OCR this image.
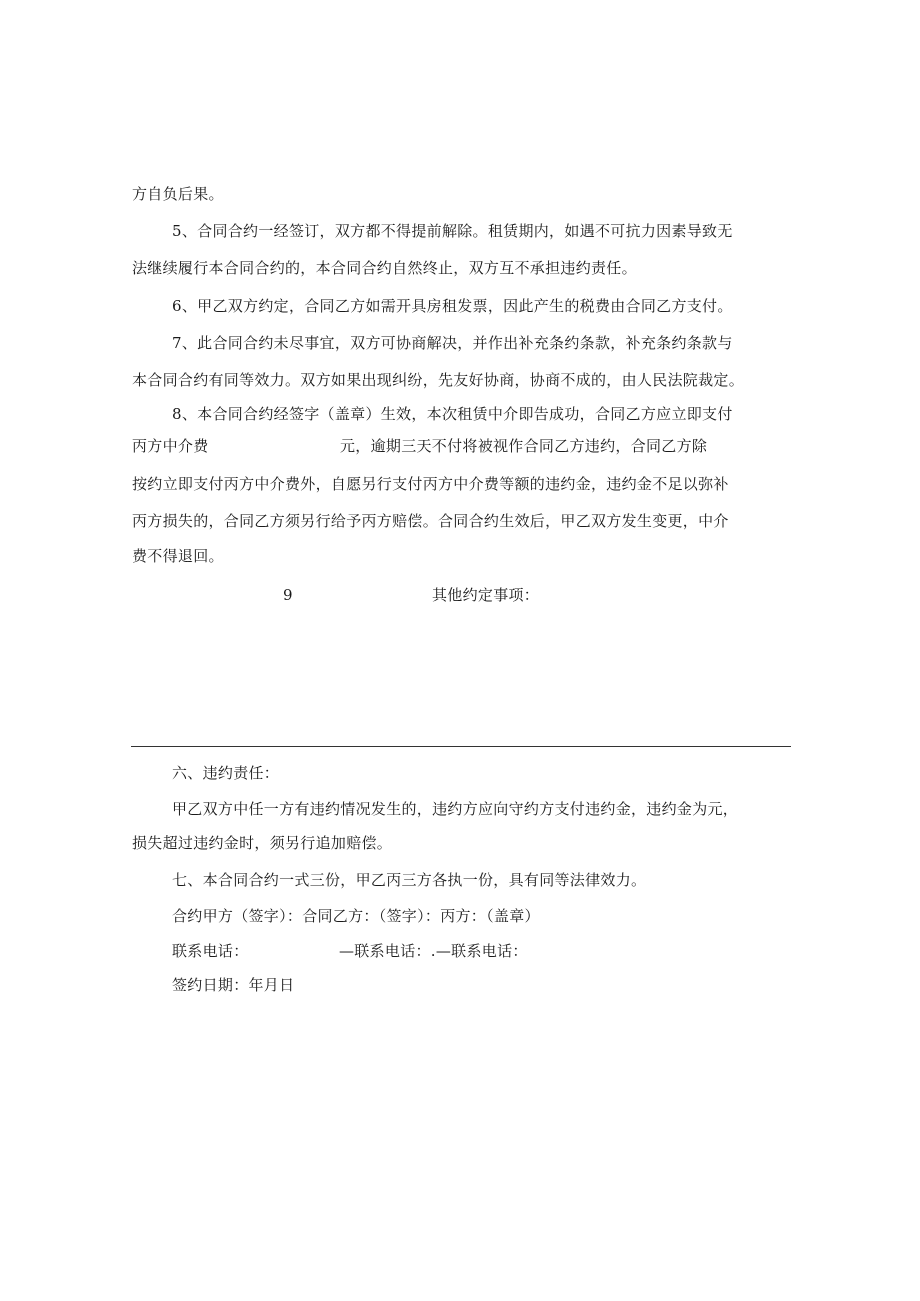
方自负后果。
5、合同合约一经签订，双方都不得提前解除。租赁期内，如遇不可抗力因素导致无
法继续履行本合同合约的，本合同合约自然终止，双方互不承担违约责任。
6、甲乙双方约定，合同乙方如需开具房租发票，因此产生的税费由合同乙方支付。
7、此合同合约未尽事宜，双方可协商解决，并作出补充条约条款，补充条约条款与
本合同合约有同等效力。双方如果出现纠纷，先友好协商，协商不成的，由人民法院裁定。
8、本合同合约经签字（盖章）生效，本次租赁中介即告成功，合同乙方应立即支付
丙方中介费	元，逾期三天不付将被视作合同乙方违约，合同乙方除
按约立即支付丙方中介费外，自愿另行支付丙方中介费等额的违约金，违约金不足以弥补
丙方损失的，合同乙方须另行给予丙方赔偿。合同合约生效后，甲乙双方发生变更，中介
费不得退回。
9	其他约定事项：
六、违约责任：
甲乙双方中任一方有违约情况发生的，违约方应向守约方支付违约金，违约金为元，
损失超过违约金时，须另行追加赔偿。
七、本合同合约一式三份，甲乙丙三方各执一份，具有同等法律效力。
合约甲方（签字）：合同乙方：（签字）：丙方：（盖章）
联系电话：	—联系电话：.—联系电话：
签约日期：年月日
